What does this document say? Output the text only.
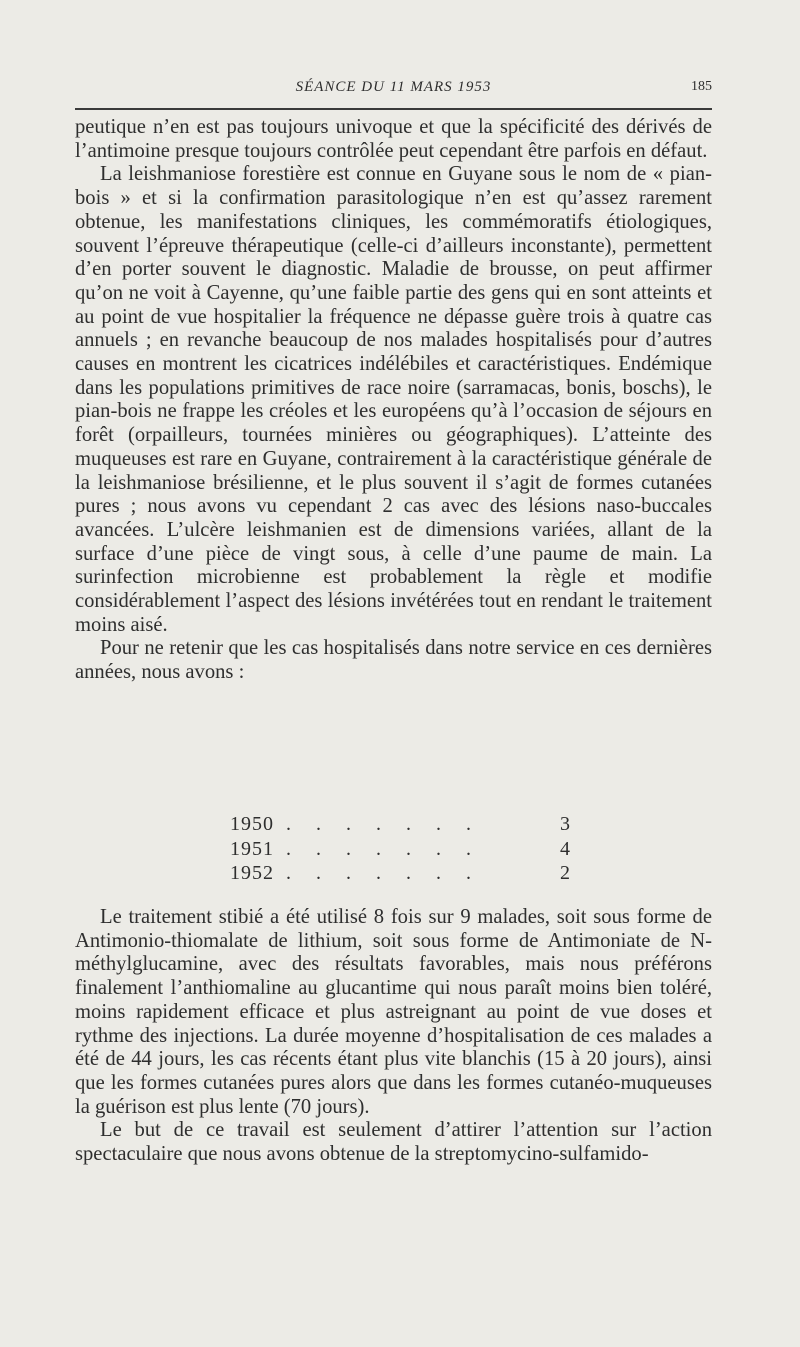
SÉANCE DU 11 MARS 1953	185

peutique n’en est pas toujours univoque et que la spécificité des dérivés de l’antimoine presque toujours contrôlée peut cependant être parfois en défaut.

La leishmaniose forestière est connue en Guyane sous le nom de « pian-bois » et si la confirmation parasitologique n’en est qu’assez rarement obtenue, les manifestations cliniques, les commémoratifs étiologiques, souvent l’épreuve thérapeutique (celle-ci d’ailleurs inconstante), permettent d’en porter souvent le diagnostic. Maladie de brousse, on peut affirmer qu’on ne voit à Cayenne, qu’une faible partie des gens qui en sont atteints et au point de vue hospitalier la fréquence ne dépasse guère trois à quatre cas annuels ; en revanche beaucoup de nos malades hospitalisés pour d’autres causes en montrent les cicatrices indélébiles et caractéristiques. Endémique dans les populations primitives de race noire (sarramacas, bonis, boschs), le pian-bois ne frappe les créoles et les européens qu’à l’occasion de séjours en forêt (orpailleurs, tournées minières ou géographiques). L’atteinte des muqueuses est rare en Guyane, contrairement à la caractéristique générale de la leishmaniose brésilienne, et le plus souvent il s’agit de formes cutanées pures ; nous avons vu cependant 2 cas avec des lésions naso-buccales avancées. L’ulcère leishmanien est de dimensions variées, allant de la surface d’une pièce de vingt sous, à celle d’une paume de main. La surinfection microbienne est probablement la règle et modifie considérablement l’aspect des lésions invétérées tout en rendant le traitement moins aisé.

Pour ne retenir que les cas hospitalisés dans notre service en ces dernières années, nous avons :

1950 . . . . . . .	3
1951 . . . . . . .	4
1952 . . . . . . .	2

Le traitement stibié a été utilisé 8 fois sur 9 malades, soit sous forme de Antimonio-thiomalate de lithium, soit sous forme de Antimoniate de N-méthylglucamine, avec des résultats favorables, mais nous préférons finalement l’anthiomaline au glucantime qui nous paraît moins bien toléré, moins rapidement efficace et plus astreignant au point de vue doses et rythme des injections. La durée moyenne d’hospitalisation de ces malades a été de 44 jours, les cas récents étant plus vite blanchis (15 à 20 jours), ainsi que les formes cutanées pures alors que dans les formes cutanéo-muqueuses la guérison est plus lente (70 jours).

Le but de ce travail est seulement d’attirer l’attention sur l’action spectaculaire que nous avons obtenue de la streptomycino-sulfamido-
